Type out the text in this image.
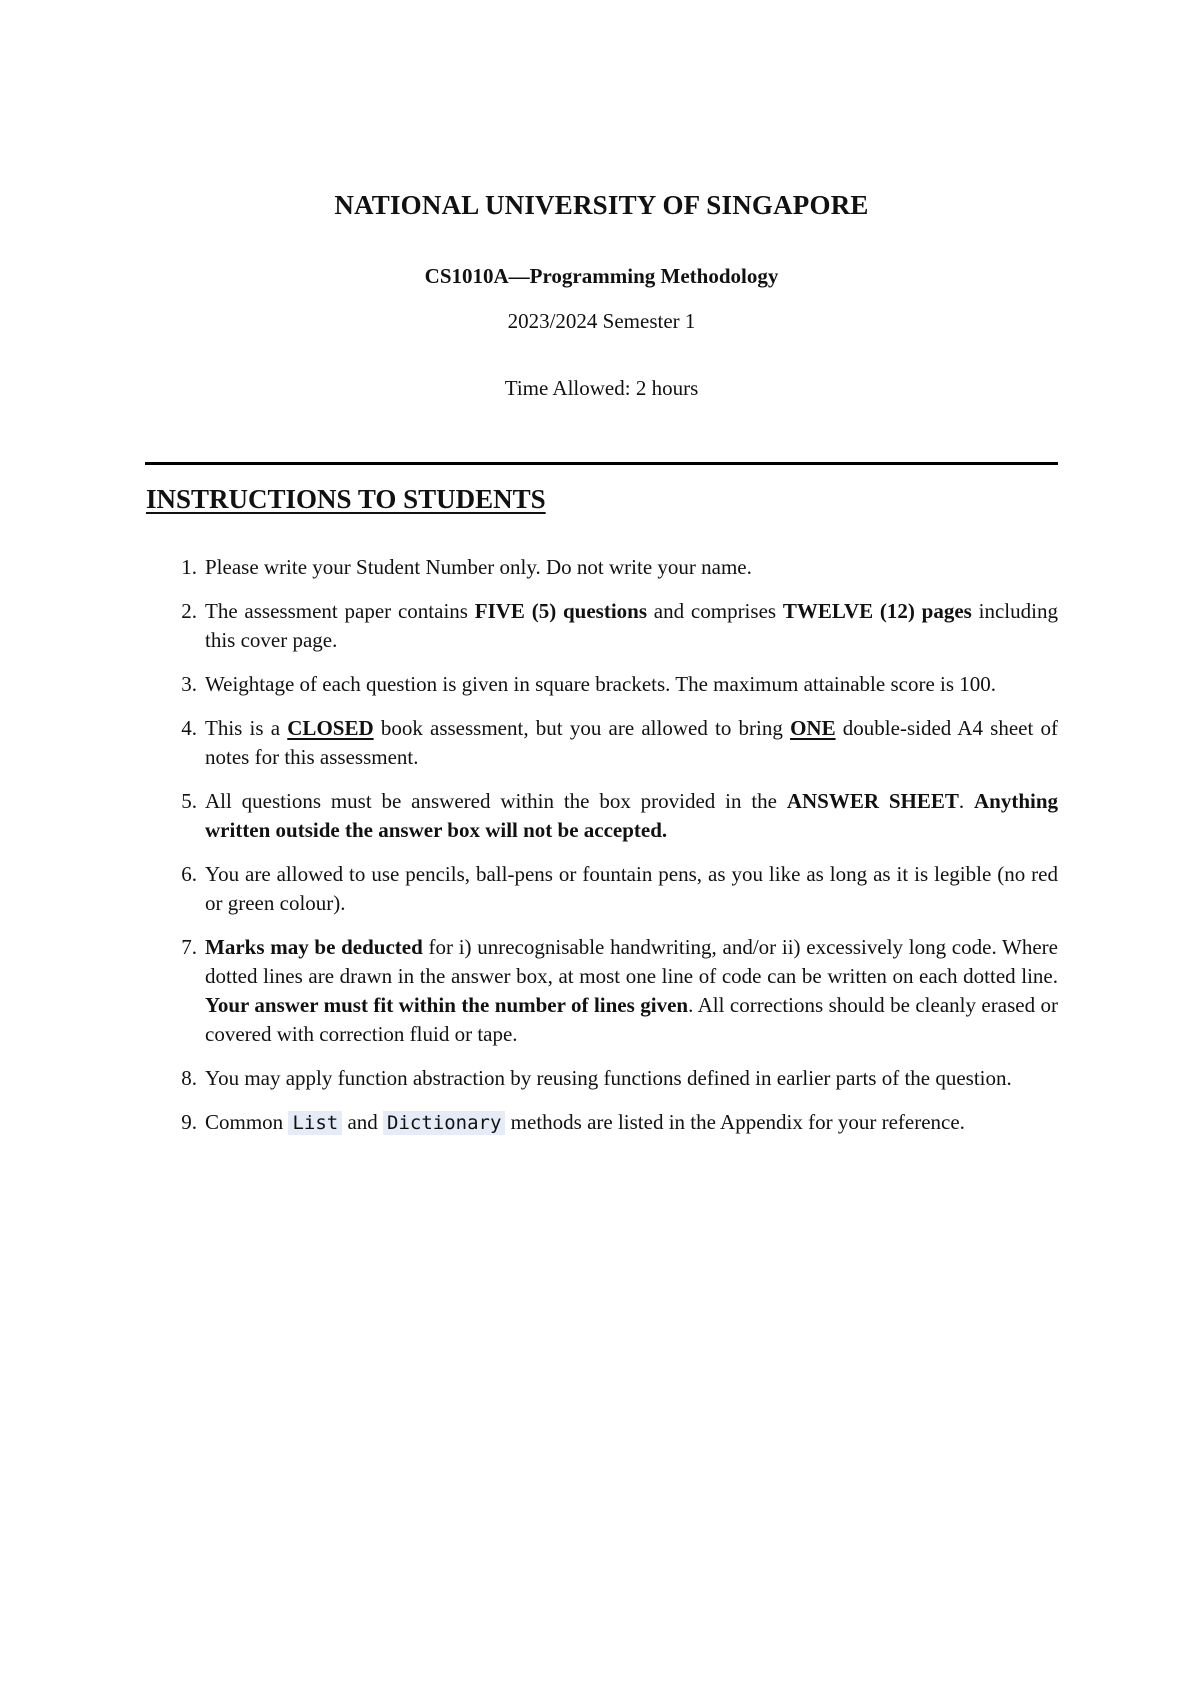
NATIONAL UNIVERSITY OF SINGAPORE
CS1010A—Programming Methodology
2023/2024 Semester 1
Time Allowed: 2 hours
INSTRUCTIONS TO STUDENTS
1. Please write your Student Number only. Do not write your name.
2. The assessment paper contains FIVE (5) questions and comprises TWELVE (12) pages including this cover page.
3. Weightage of each question is given in square brackets. The maximum attainable score is 100.
4. This is a CLOSED book assessment, but you are allowed to bring ONE double-sided A4 sheet of notes for this assessment.
5. All questions must be answered within the box provided in the ANSWER SHEET. Anything written outside the answer box will not be accepted.
6. You are allowed to use pencils, ball-pens or fountain pens, as you like as long as it is legible (no red or green colour).
7. Marks may be deducted for i) unrecognisable handwriting, and/or ii) excessively long code. Where dotted lines are drawn in the answer box, at most one line of code can be written on each dotted line. Your answer must fit within the number of lines given. All corrections should be cleanly erased or covered with correction fluid or tape.
8. You may apply function abstraction by reusing functions defined in earlier parts of the question.
9. Common List and Dictionary methods are listed in the Appendix for your reference.
